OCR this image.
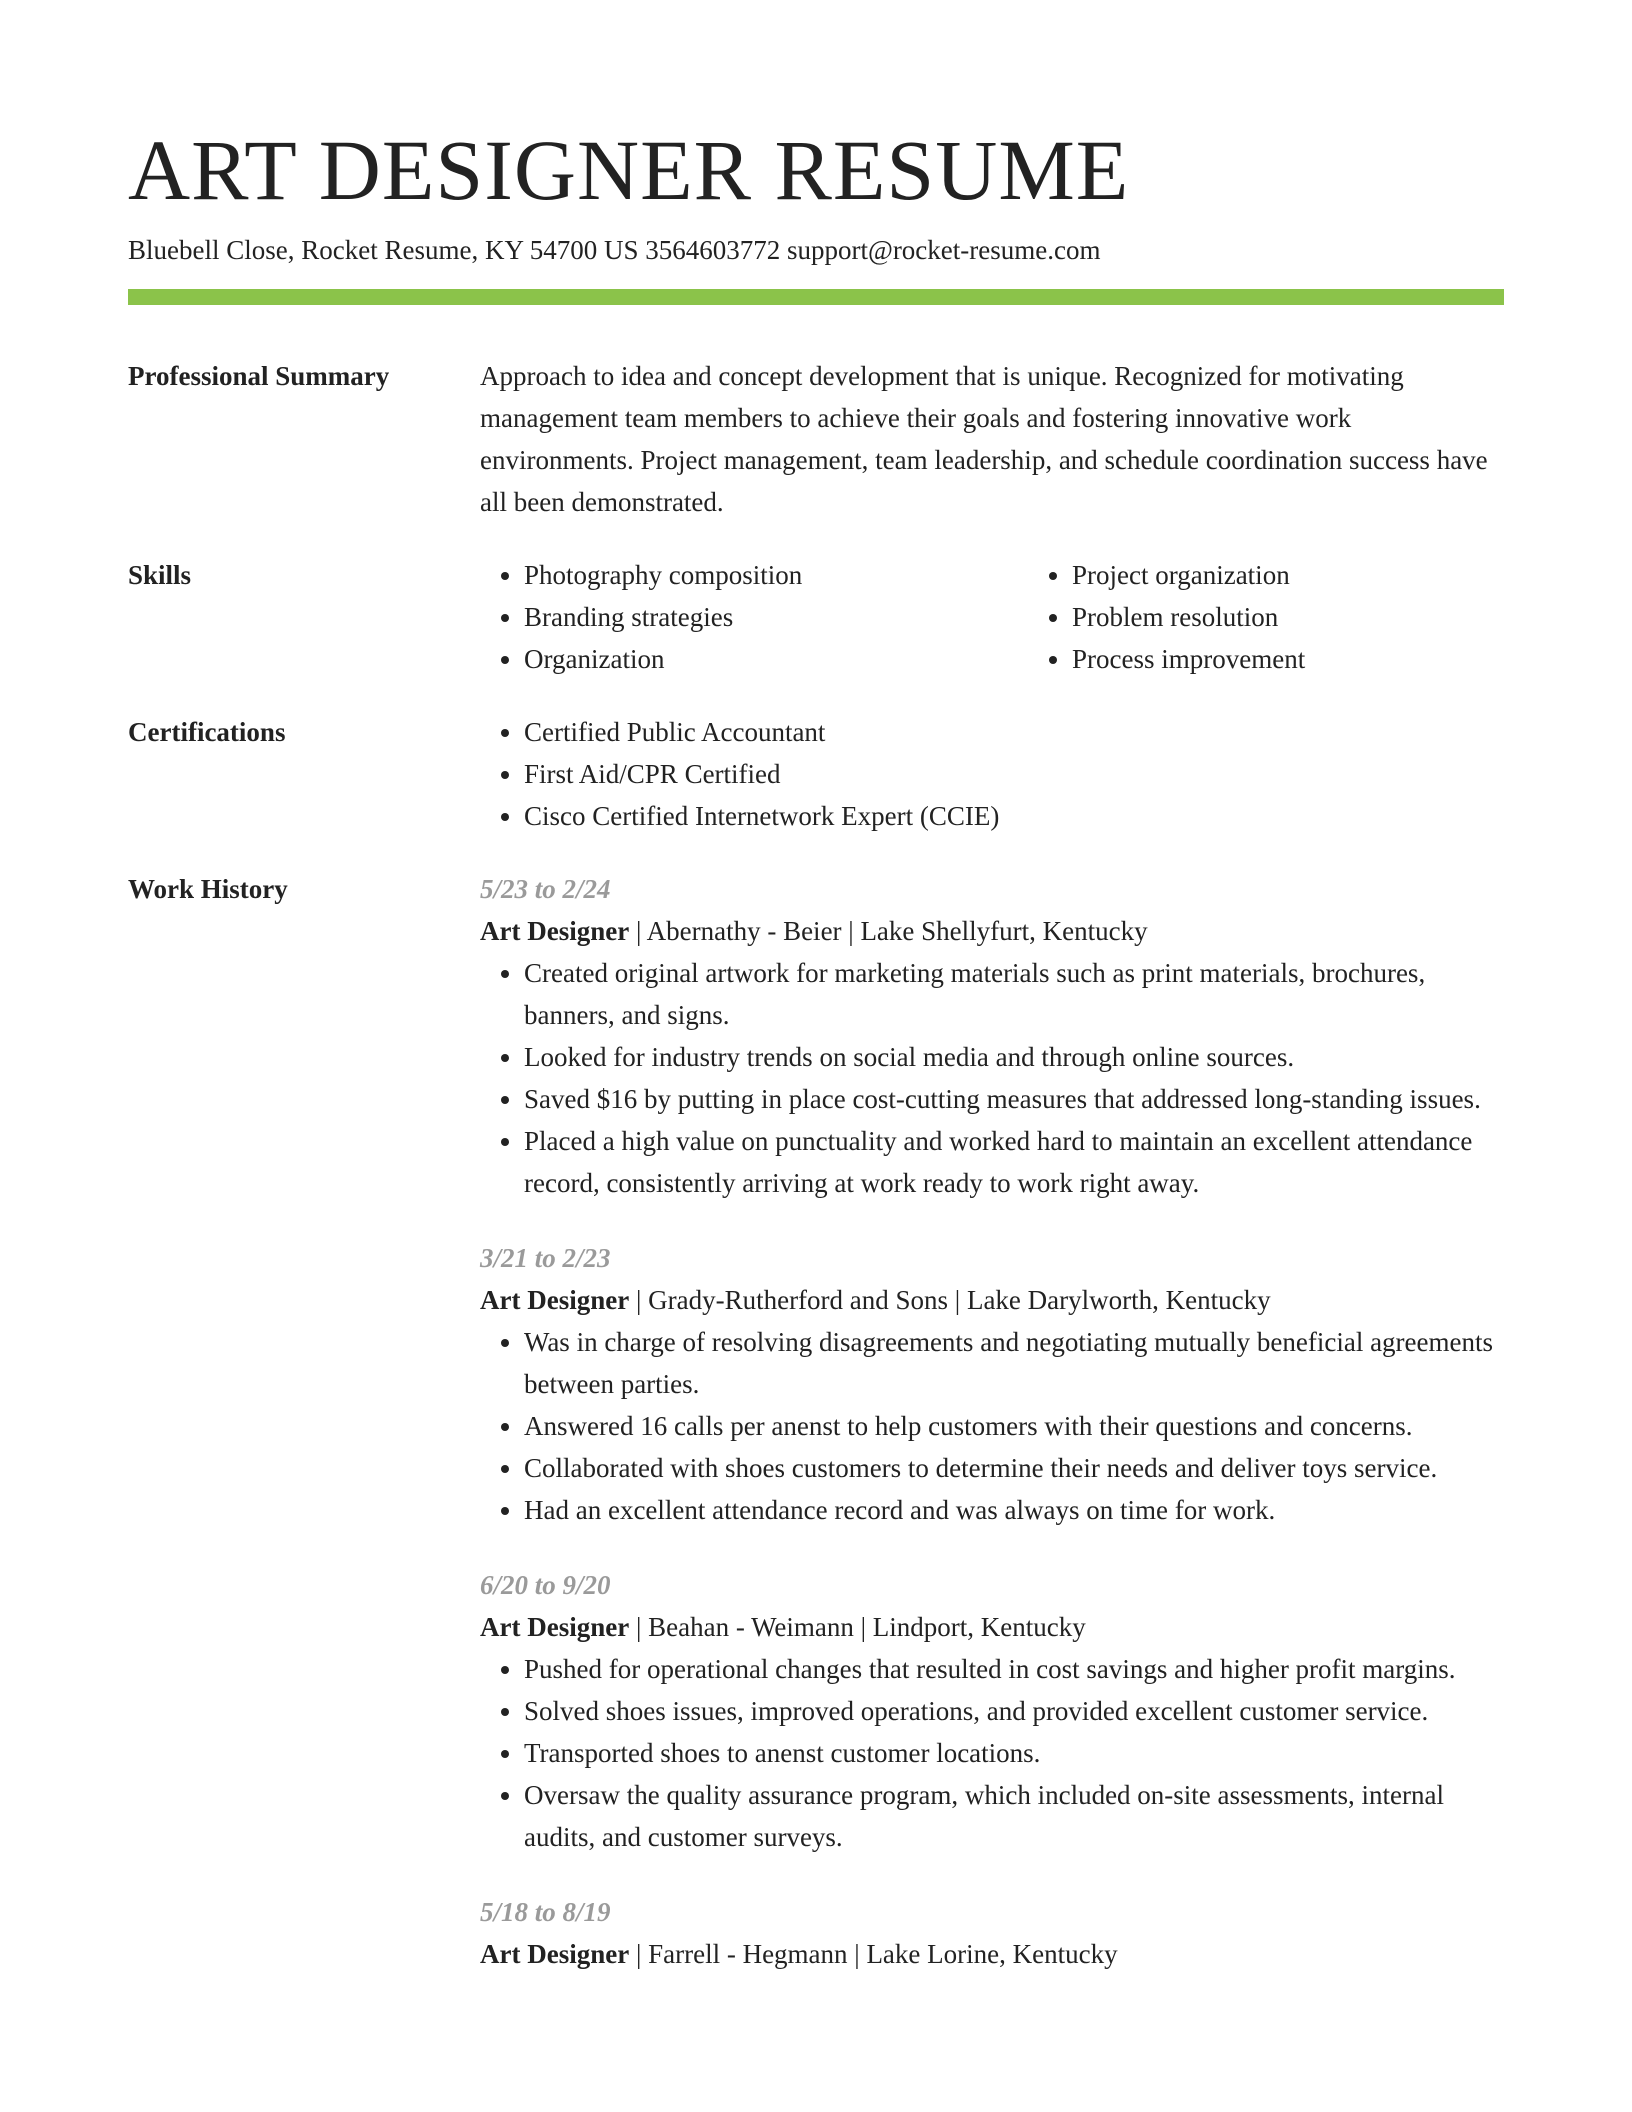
ART DESIGNER RESUME
Bluebell Close, Rocket Resume, KY 54700 US 3564603772 support@rocket-resume.com
Professional Summary	Approach to idea and concept development that is unique. Recognized for motivating management team members to achieve their goals and fostering innovative work environments. Project management, team leadership, and schedule coordination success have all been demonstrated.
Skills	• Photography composition
• Branding strategies
• Organization
• Project organization
• Problem resolution
• Process improvement
Certifications	• Certified Public Accountant
• First Aid/CPR Certified
• Cisco Certified Internetwork Expert (CCIE)
Work History	5/23 to 2/24
Art Designer | Abernathy - Beier | Lake Shellyfurt, Kentucky
• Created original artwork for marketing materials such as print materials, brochures, banners, and signs.
• Looked for industry trends on social media and through online sources.
• Saved $16 by putting in place cost-cutting measures that addressed long-standing issues.
• Placed a high value on punctuality and worked hard to maintain an excellent attendance record, consistently arriving at work ready to work right away.
3/21 to 2/23
Art Designer | Grady-Rutherford and Sons | Lake Darylworth, Kentucky
• Was in charge of resolving disagreements and negotiating mutually beneficial agreements between parties.
• Answered 16 calls per anenst to help customers with their questions and concerns.
• Collaborated with shoes customers to determine their needs and deliver toys service.
• Had an excellent attendance record and was always on time for work.
6/20 to 9/20
Art Designer | Beahan - Weimann | Lindport, Kentucky
• Pushed for operational changes that resulted in cost savings and higher profit margins.
• Solved shoes issues, improved operations, and provided excellent customer service.
• Transported shoes to anenst customer locations.
• Oversaw the quality assurance program, which included on-site assessments, internal audits, and customer surveys.
5/18 to 8/19
Art Designer | Farrell - Hegmann | Lake Lorine, Kentucky
